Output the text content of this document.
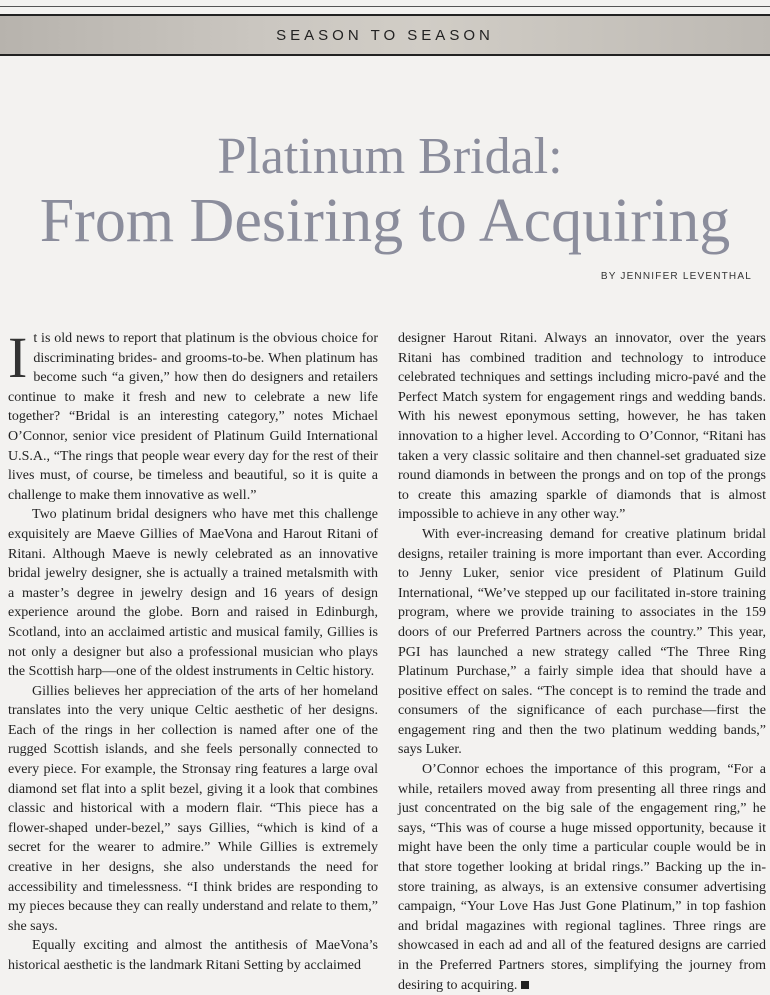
SEASON TO SEASON
Platinum Bridal:
From Desiring to Acquiring
BY JENNIFER LEVENTHAL

It is old news to report that platinum is the obvious choice for discriminating brides- and grooms-to-be. When platinum has become such “a given,” how then do designers and retailers continue to make it fresh and new to celebrate a new life together? “Bridal is an interesting category,” notes Michael O’Connor, senior vice president of Platinum Guild International U.S.A., “The rings that people wear every day for the rest of their lives must, of course, be timeless and beautiful, so it is quite a challenge to make them innovative as well.”

Two platinum bridal designers who have met this challenge exquisitely are Maeve Gillies of MaeVona and Harout Ritani of Ritani. Although Maeve is newly celebrated as an innovative bridal jewelry designer, she is actually a trained metalsmith with a master’s degree in jewelry design and 16 years of design experience around the globe. Born and raised in Edinburgh, Scotland, into an acclaimed artistic and musical family, Gillies is not only a designer but also a professional musician who plays the Scottish harp—one of the oldest instruments in Celtic history.

Gillies believes her appreciation of the arts of her homeland translates into the very unique Celtic aesthetic of her designs. Each of the rings in her collection is named after one of the rugged Scottish islands, and she feels personally connected to every piece. For example, the Stronsay ring features a large oval diamond set flat into a split bezel, giving it a look that combines classic and historical with a modern flair. “This piece has a flower-shaped under-bezel,” says Gillies, “which is kind of a secret for the wearer to admire.” While Gillies is extremely creative in her designs, she also understands the need for accessibility and timelessness. “I think brides are responding to my pieces because they can really understand and relate to them,” she says.

Equally exciting and almost the antithesis of MaeVona’s historical aesthetic is the landmark Ritani Setting by acclaimed

designer Harout Ritani. Always an innovator, over the years Ritani has combined tradition and technology to introduce celebrated techniques and settings including micro-pavé and the Perfect Match system for engagement rings and wedding bands. With his newest eponymous setting, however, he has taken innovation to a higher level. According to O’Connor, “Ritani has taken a very classic solitaire and then channel-set graduated size round diamonds in between the prongs and on top of the prongs to create this amazing sparkle of diamonds that is almost impossible to achieve in any other way.”

With ever-increasing demand for creative platinum bridal designs, retailer training is more important than ever. According to Jenny Luker, senior vice president of Platinum Guild International, “We’ve stepped up our facilitated in-store training program, where we provide training to associates in the 159 doors of our Preferred Partners across the country.” This year, PGI has launched a new strategy called “The Three Ring Platinum Purchase,” a fairly simple idea that should have a positive effect on sales. “The concept is to remind the trade and consumers of the significance of each purchase—first the engagement ring and then the two platinum wedding bands,” says Luker.

O’Connor echoes the importance of this program, “For a while, retailers moved away from presenting all three rings and just concentrated on the big sale of the engagement ring,” he says, “This was of course a huge missed opportunity, because it might have been the only time a particular couple would be in that store together looking at bridal rings.” Backing up the in-store training, as always, is an extensive consumer advertising campaign, “Your Love Has Just Gone Platinum,” in top fashion and bridal magazines with regional taglines. Three rings are showcased in each ad and all of the featured designs are carried in the Preferred Partners stores, simplifying the journey from desiring to acquiring.
